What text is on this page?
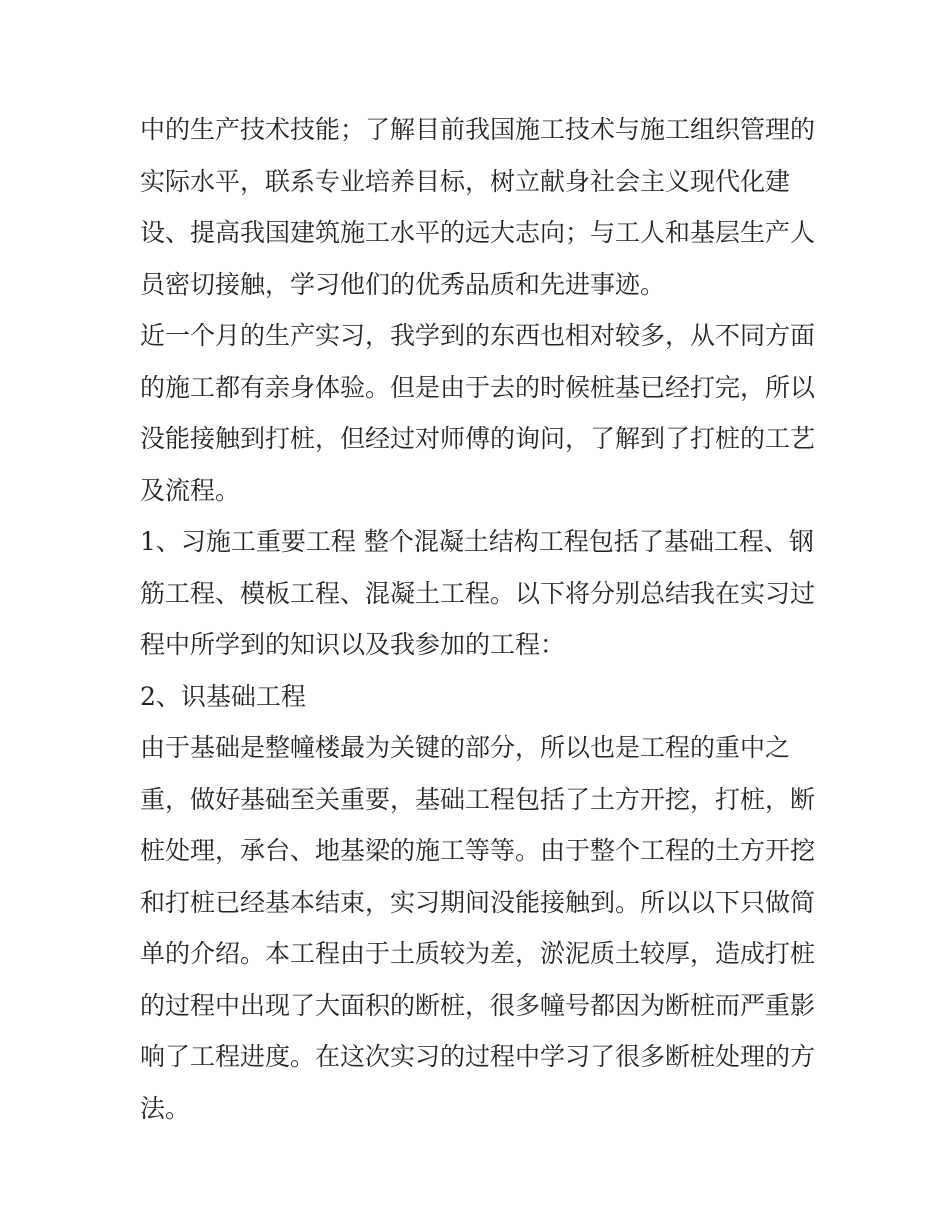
中的生产技术技能；了解目前我国施工技术与施工组织管理的
实际水平，联系专业培养目标，树立献身社会主义现代化建
设、提高我国建筑施工水平的远大志向；与工人和基层生产人
员密切接触，学习他们的优秀品质和先进事迹。
近一个月的生产实习，我学到的东西也相对较多，从不同方面
的施工都有亲身体验。但是由于去的时候桩基已经打完，所以
没能接触到打桩，但经过对师傅的询问，了解到了打桩的工艺
及流程。
1、习施工重要工程 整个混凝土结构工程包括了基础工程、钢
筋工程、模板工程、混凝土工程。以下将分别总结我在实习过
程中所学到的知识以及我参加的工程：
2、识基础工程
由于基础是整幢楼最为关键的部分，所以也是工程的重中之
重，做好基础至关重要，基础工程包括了土方开挖，打桩，断
桩处理，承台、地基梁的施工等等。由于整个工程的土方开挖
和打桩已经基本结束，实习期间没能接触到。所以以下只做简
单的介绍。本工程由于土质较为差，淤泥质土较厚，造成打桩
的过程中出现了大面积的断桩，很多幢号都因为断桩而严重影
响了工程进度。在这次实习的过程中学习了很多断桩处理的方
法。
